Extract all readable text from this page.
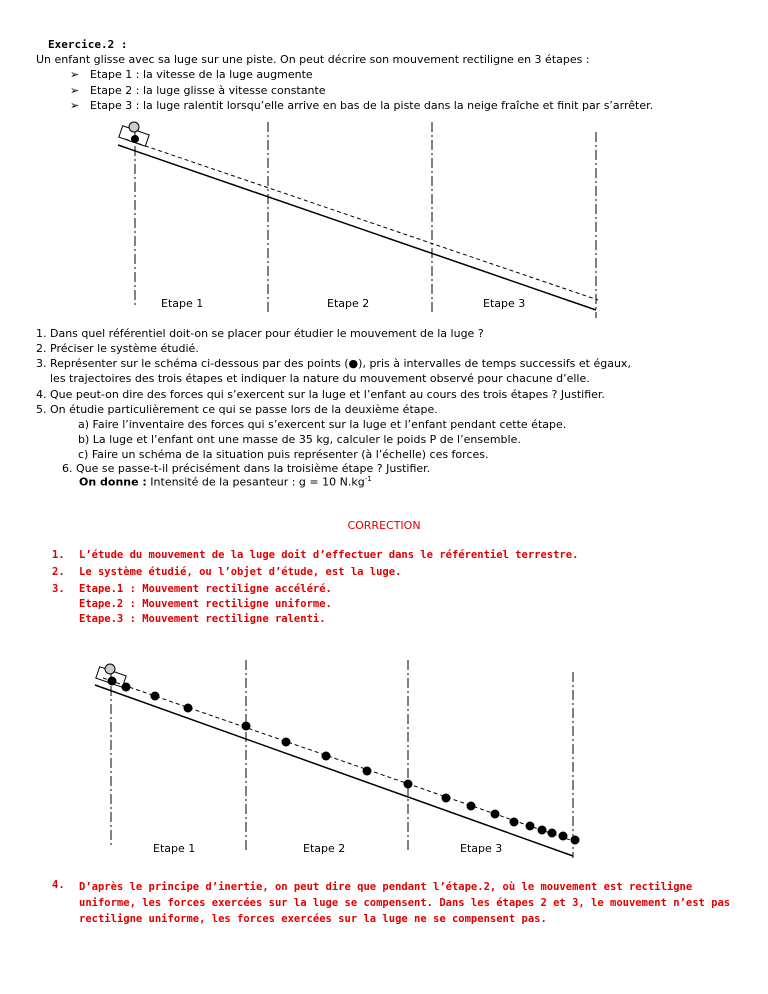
Exercice.2 :
Un enfant glisse avec sa luge sur une piste. On peut décrire son mouvement rectiligne en 3 étapes :
➢ Etape 1 : la vitesse de la luge augmente
➢ Etape 2 : la luge glisse à vitesse constante
➢ Etape 3 : la luge ralentit lorsqu’elle arrive en bas de la piste dans la neige fraîche et finit par s’arrêter.
Etape 1	Etape 2	Etape 3
1. Dans quel référentiel doit-on se placer pour étudier le mouvement de la luge ?
2. Préciser le système étudié.
3. Représenter sur le schéma ci-dessous par des points (●), pris à intervalles de temps successifs et égaux,
les trajectoires des trois étapes et indiquer la nature du mouvement observé pour chacune d’elle.
4. Que peut-on dire des forces qui s’exercent sur la luge et l’enfant au cours des trois étapes ? Justifier.
5. On étudie particulièrement ce qui se passe lors de la deuxième étape.
a) Faire l’inventaire des forces qui s’exercent sur la luge et l’enfant pendant cette étape.
b) La luge et l’enfant ont une masse de 35 kg, calculer le poids P de l’ensemble.
c) Faire un schéma de la situation puis représenter (à l’échelle) ces forces.
6. Que se passe-t-il précisément dans la troisième étape ? Justifier.
On donne : Intensité de la pesanteur : g = 10 $N.kg^{-1}$
CORRECTION
1. L’étude du mouvement de la luge doit d’effectuer dans le référentiel terrestre.
2. Le système étudié, ou l’objet d’étude, est la luge.
3. Etape.1 : Mouvement rectiligne accéléré.
Etape.2 : Mouvement rectiligne uniforme.
Etape.3 : Mouvement rectiligne ralenti.
Etape 1	Etape 2	Etape 3
4. D’après le principe d’inertie, on peut dire que pendant l’étape.2, où le mouvement est rectiligne uniforme, les forces exercées sur la luge se compensent. Dans les étapes 2 et 3, le mouvement n’est pas rectiligne uniforme, les forces exercées sur la luge ne se compensent pas.
